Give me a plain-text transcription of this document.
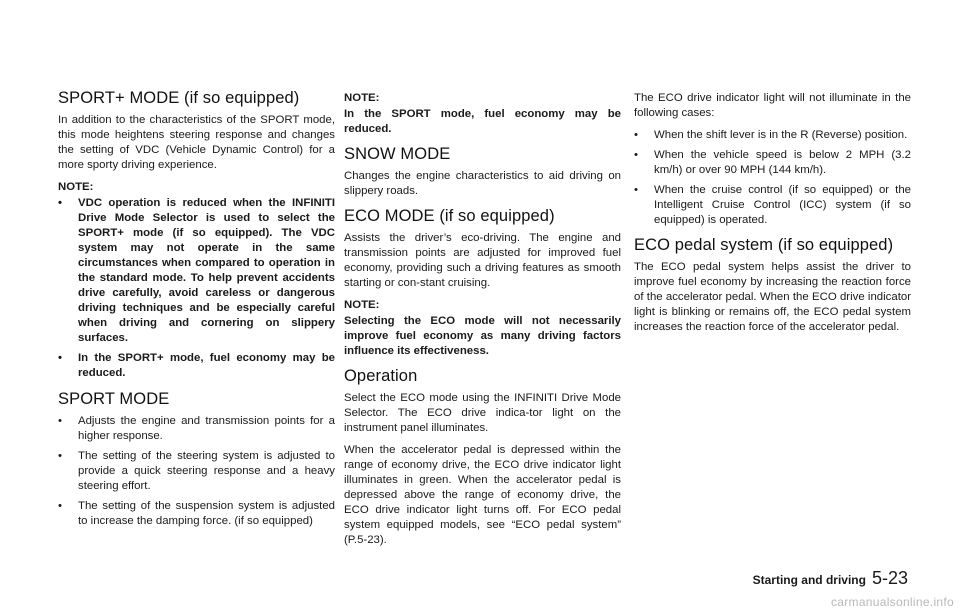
SPORT+ MODE (if so equipped)

In addition to the characteristics of the SPORT mode, this mode heightens steering response and changes the setting of VDC (Vehicle Dynamic Control) for a more sporty driving experience.

NOTE:
•	VDC operation is reduced when the INFINITI Drive Mode Selector is used to select the SPORT+ mode (if so equipped). The VDC system may not operate in the same circumstances when compared to operation in the standard mode. To help prevent accidents drive carefully, avoid careless or dangerous driving techniques and be especially careful when driving and cornering on slippery surfaces.
•	In the SPORT+ mode, fuel economy may be reduced.
SPORT MODE
•	Adjusts the engine and transmission points for a higher response.
•	The setting of the steering system is adjusted to provide a quick steering response and a heavy steering effort.
•	The setting of the suspension system is adjusted to increase the damping force. (if so equipped)
NOTE:

In the SPORT mode, fuel economy may be reduced.

SNOW MODE

Changes the engine characteristics to aid driving on slippery roads.

ECO MODE (if so equipped)

Assists the driver’s eco-driving. The engine and transmission points are adjusted for improved fuel economy, providing such a driving features as smooth starting or con-stant cruising.

NOTE:

Selecting the ECO mode will not necessarily improve fuel economy as many driving factors influence its effectiveness.

Operation

Select the ECO mode using the INFINITI Drive Mode Selector. The ECO drive indica-tor light on the instrument panel illuminates.

When the accelerator pedal is depressed within the range of economy drive, the ECO drive indicator light illuminates in green. When the accelerator pedal is depressed above the range of economy drive, the ECO drive indicator light turns off. For ECO pedal system equipped models, see “ECO pedal system” (P.5-23).

The ECO drive indicator light will not illuminate in the following cases:

•	When the shift lever is in the R (Reverse) position.
•	When the vehicle speed is below 2 MPH (3.2 km/h) or over 90 MPH (144 km/h).
•	When the cruise control (if so equipped) or the Intelligent Cruise Control (ICC) system (if so equipped) is operated.
ECO pedal system (if so equipped)

The ECO pedal system helps assist the driver to improve fuel economy by increasing the reaction force of the accelerator pedal. When the ECO drive indicator light is blinking or remains off, the ECO pedal system increases the reaction force of the accelerator pedal.

Starting and driving 5-23
carmanualsonline.info
